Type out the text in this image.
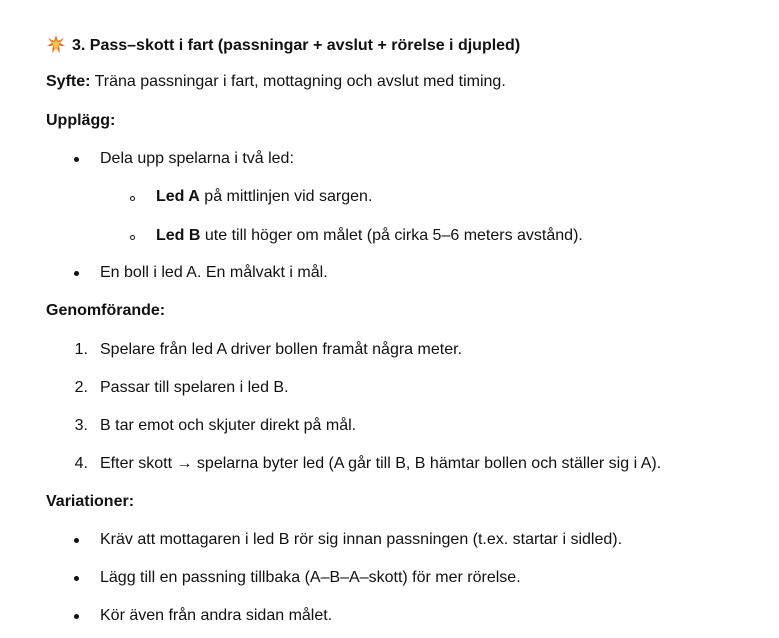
3. Pass–skott i fart (passningar + avslut + rörelse i djupled)
Syfte: Träna passningar i fart, mottagning och avslut med timing.
Upplägg:
Dela upp spelarna i två led:
Led A på mittlinjen vid sargen.
Led B ute till höger om målet (på cirka 5–6 meters avstånd).
En boll i led A. En målvakt i mål.
Genomförande:
1. Spelare från led A driver bollen framåt några meter.
2. Passar till spelaren i led B.
3. B tar emot och skjuter direkt på mål.
4. Efter skott → spelarna byter led (A går till B, B hämtar bollen och ställer sig i A).
Variationer:
Kräv att mottagaren i led B rör sig innan passningen (t.ex. startar i sidled).
Lägg till en passning tillbaka (A–B–A–skott) för mer rörelse.
Kör även från andra sidan målet.
